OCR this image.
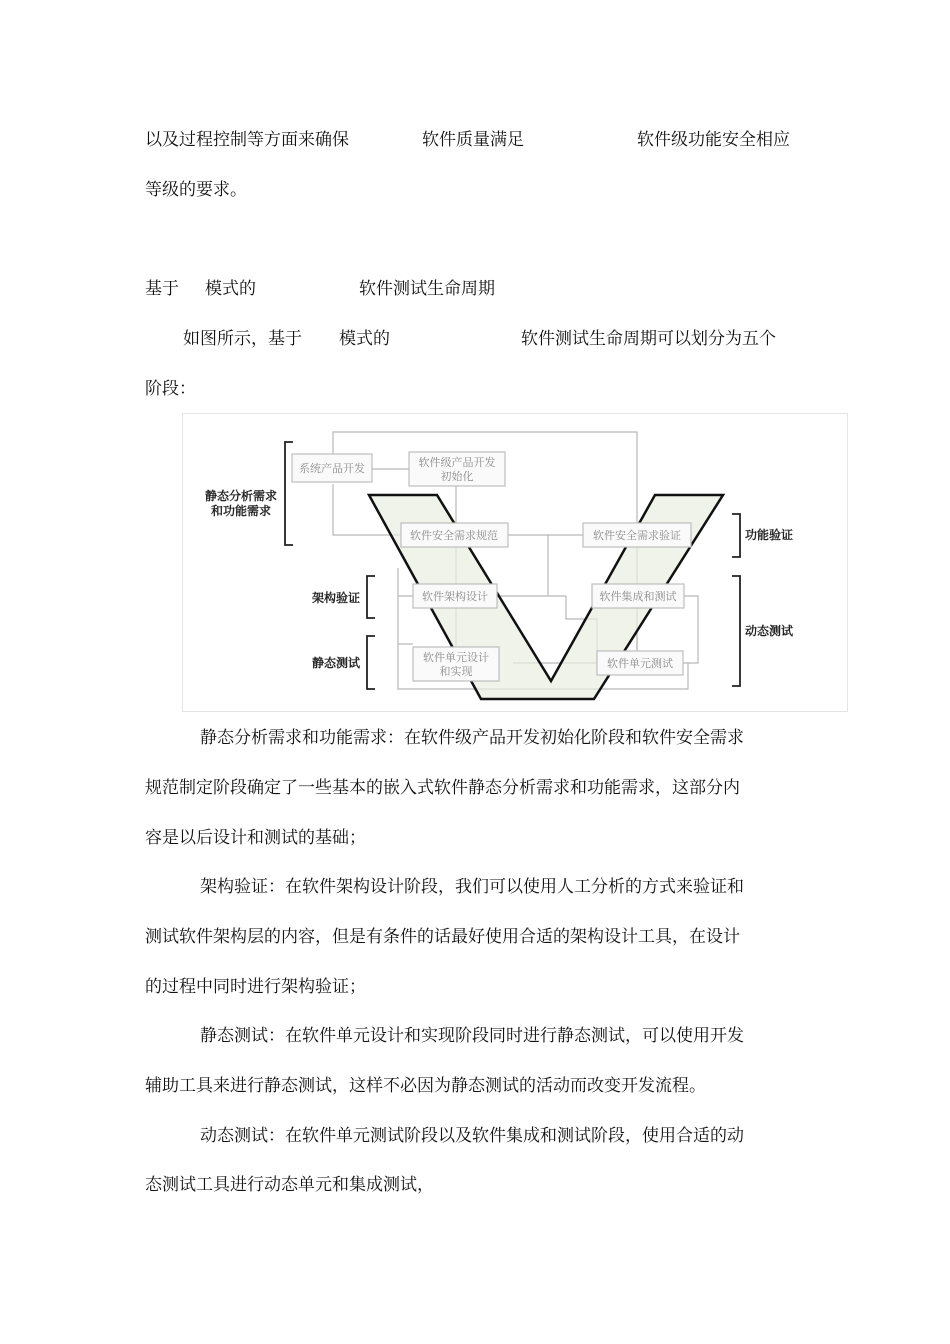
以及过程控制等方面来确保	软件质量满足	软件级功能安全相应
等级的要求。
基于 模式的	软件测试生命周期
如图所示，基于 模式的	软件测试生命周期可以划分为五个
阶段：
系统产品开发	软件级产品开发
初始化
软件安全需求规范
软件架构设计
软件单元设计
和实现
软件安全需求验证
软件集成和测试
软件单元测试
静态分析需求
和功能需求
架构验证
静态测试
功能验证
动态测试
静态分析需求和功能需求：在软件级产品开发初始化阶段和软件安全需求
规范制定阶段确定了一些基本的嵌入式软件静态分析需求和功能需求，这部分内
容是以后设计和测试的基础；
架构验证：在软件架构设计阶段，我们可以使用人工分析的方式来验证和
测试软件架构层的内容，但是有条件的话最好使用合适的架构设计工具，在设计
的过程中同时进行架构验证；
静态测试：在软件单元设计和实现阶段同时进行静态测试，可以使用开发
辅助工具来进行静态测试，这样不必因为静态测试的活动而改变开发流程。
动态测试：在软件单元测试阶段以及软件集成和测试阶段，使用合适的动
态测试工具进行动态单元和集成测试，
